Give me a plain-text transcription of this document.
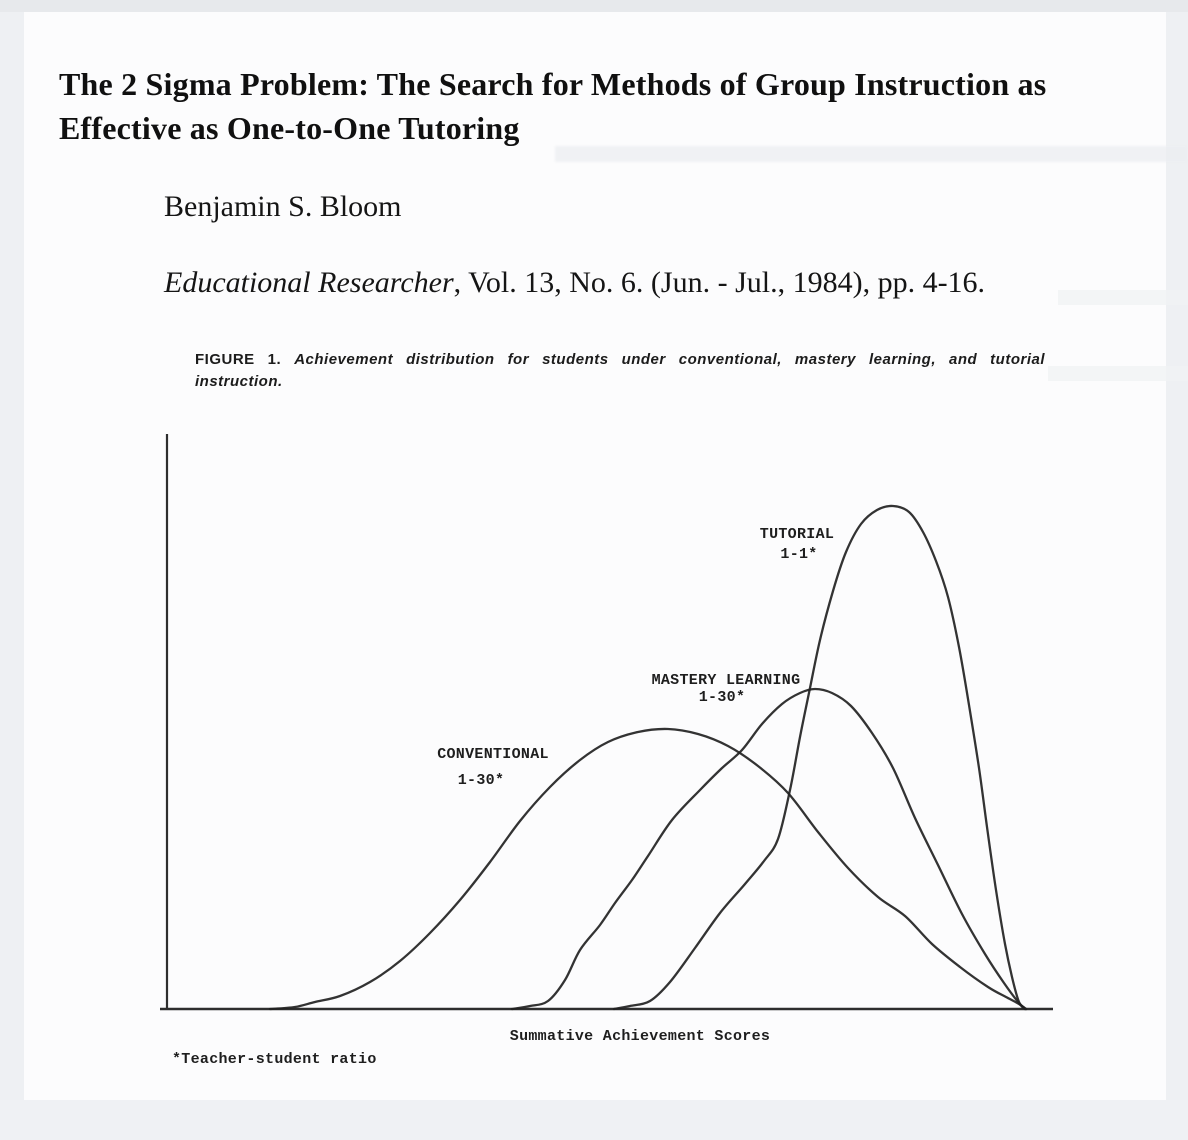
The 2 Sigma Problem: The Search for Methods of Group Instruction as
Effective as One-to-One Tutoring
Benjamin S. Bloom
Educational Researcher, Vol. 13, No. 6. (Jun. - Jul., 1984), pp. 4-16.
FIGURE 1. Achievement distribution for students under conventional, mastery learning, and tutorial instruction.
CONVENTIONAL
1-30*
MASTERY LEARNING
1-30*
TUTORIAL
1-1*
Summative Achievement Scores
*Teacher-student ratio
